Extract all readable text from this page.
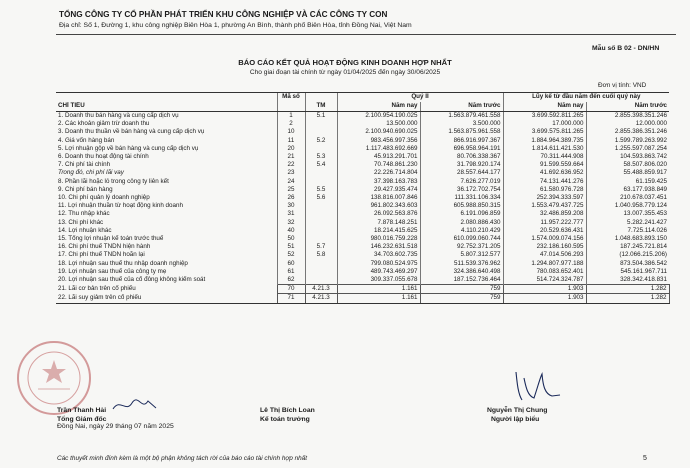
TỔNG CÔNG TY CỔ PHẦN PHÁT TRIỂN KHU CÔNG NGHIỆP VÀ CÁC CÔNG TY CON
Địa chỉ: Số 1, Đường 1, khu công nghiệp Biên Hòa 1, phường An Bình, thành phố Biên Hòa, tỉnh Đồng Nai, Việt Nam
Mẫu số B 02 - DN/HN
BÁO CÁO KẾT QUẢ HOẠT ĐỘNG KINH DOANH HỢP NHẤT
Cho giai đoạn tài chính từ ngày 01/04/2025 đến ngày 30/06/2025
Đơn vị tính: VND
	Mã số		Quý II		Lũy kế từ đầu năm đến cuối quý này	
CHỈ TIÊU		TM	Năm nay	Năm trước	Năm nay	Năm trước
1. Doanh thu bán hàng và cung cấp dịch vụ	1	5.1	2.100.954.190.025	1.563.879.461.558	3.699.592.811.265	2.855.398.351.246
2. Các khoản giảm trừ doanh thu	2		13.500.000	3.500.000	17.000.000	12.000.000
3. Doanh thu thuần về bán hàng và cung cấp dịch vụ	10		2.100.940.690.025	1.563.875.961.558	3.699.575.811.265	2.855.386.351.246
4. Giá vốn hàng bán	11	5.2	983.456.997.356	866.916.997.367	1.884.964.389.735	1.599.789.263.992
5. Lợi nhuận gộp về bán hàng và cung cấp dịch vụ	20		1.117.483.692.669	696.958.964.191	1.814.611.421.530	1.255.597.087.254
6. Doanh thu hoạt động tài chính	21	5.3	45.913.291.701	80.706.338.367	70.311.444.908	104.593.863.742
7. Chi phí tài chính	22	5.4	70.748.861.230	31.798.920.174	91.599.559.664	58.507.806.020
Trong đó, chi phí lãi vay	23		22.226.714.804	28.557.644.177	41.692.636.952	55.488.859.917
8. Phần lãi hoặc lỗ trong công ty liên kết	24		37.398.163.783	7.626.277.019	74.131.441.276	61.159.425
9. Chi phí bán hàng	25	5.5	29.427.935.474	36.172.702.754	61.580.976.728	63.177.938.849
10. Chi phí quản lý doanh nghiệp	26	5.6	138.816.007.846	111.331.106.334	252.394.333.597	210.678.037.451
11. Lợi nhuận thuần từ hoạt động kinh doanh	30		961.802.343.603	605.988.850.315	1.553.479.437.725	1.040.958.779.124
12. Thu nhập khác	31		26.092.563.876	6.191.096.859	32.486.859.208	13.007.355.453
13. Chi phí khác	32		7.878.148.251	2.080.886.430	11.957.222.777	5.282.241.427
14. Lợi nhuận khác	40		18.214.415.625	4.110.210.429	20.529.636.431	7.725.114.026
15. Tổng lợi nhuận kế toán trước thuế	50		980.016.759.228	610.099.060.744	1.574.009.074.156	1.048.683.893.150
16. Chi phí thuế TNDN hiện hành	51	5.7	146.232.631.518	92.752.371.205	232.186.160.595	187.245.721.814
17. Chi phí thuế TNDN hoãn lại	52	5.8	34.703.602.735	5.807.312.577	47.014.506.293	(12.066.215.206)
18. Lợi nhuận sau thuế thu nhập doanh nghiệp	60		799.080.524.975	511.539.376.962	1.294.807.977.188	873.504.386.542
19. Lợi nhuận sau thuế của công ty mẹ	61		489.743.469.297	324.386.640.498	780.083.652.401	545.161.967.711
20. Lợi nhuận sau thuế của cổ đông không kiểm soát	62		309.337.055.678	187.152.736.464	514.724.324.787	328.342.418.831
21. Lãi cơ bản trên cổ phiếu	70	4.21.3	1.161	759	1.903	1.282
22. Lãi suy giảm trên cổ phiếu	71	4.21.3	1.161	759	1.903	1.282
Trần Thanh Hải
Tổng Giám đốc
Lê Thị Bích Loan
Kế toán trưởng
Nguyễn Thị Chung
Người lập biểu
Đồng Nai, ngày 29 tháng 07 năm 2025
Các thuyết minh đính kèm là một bộ phận không tách rời của báo cáo tài chính hợp nhất	5
